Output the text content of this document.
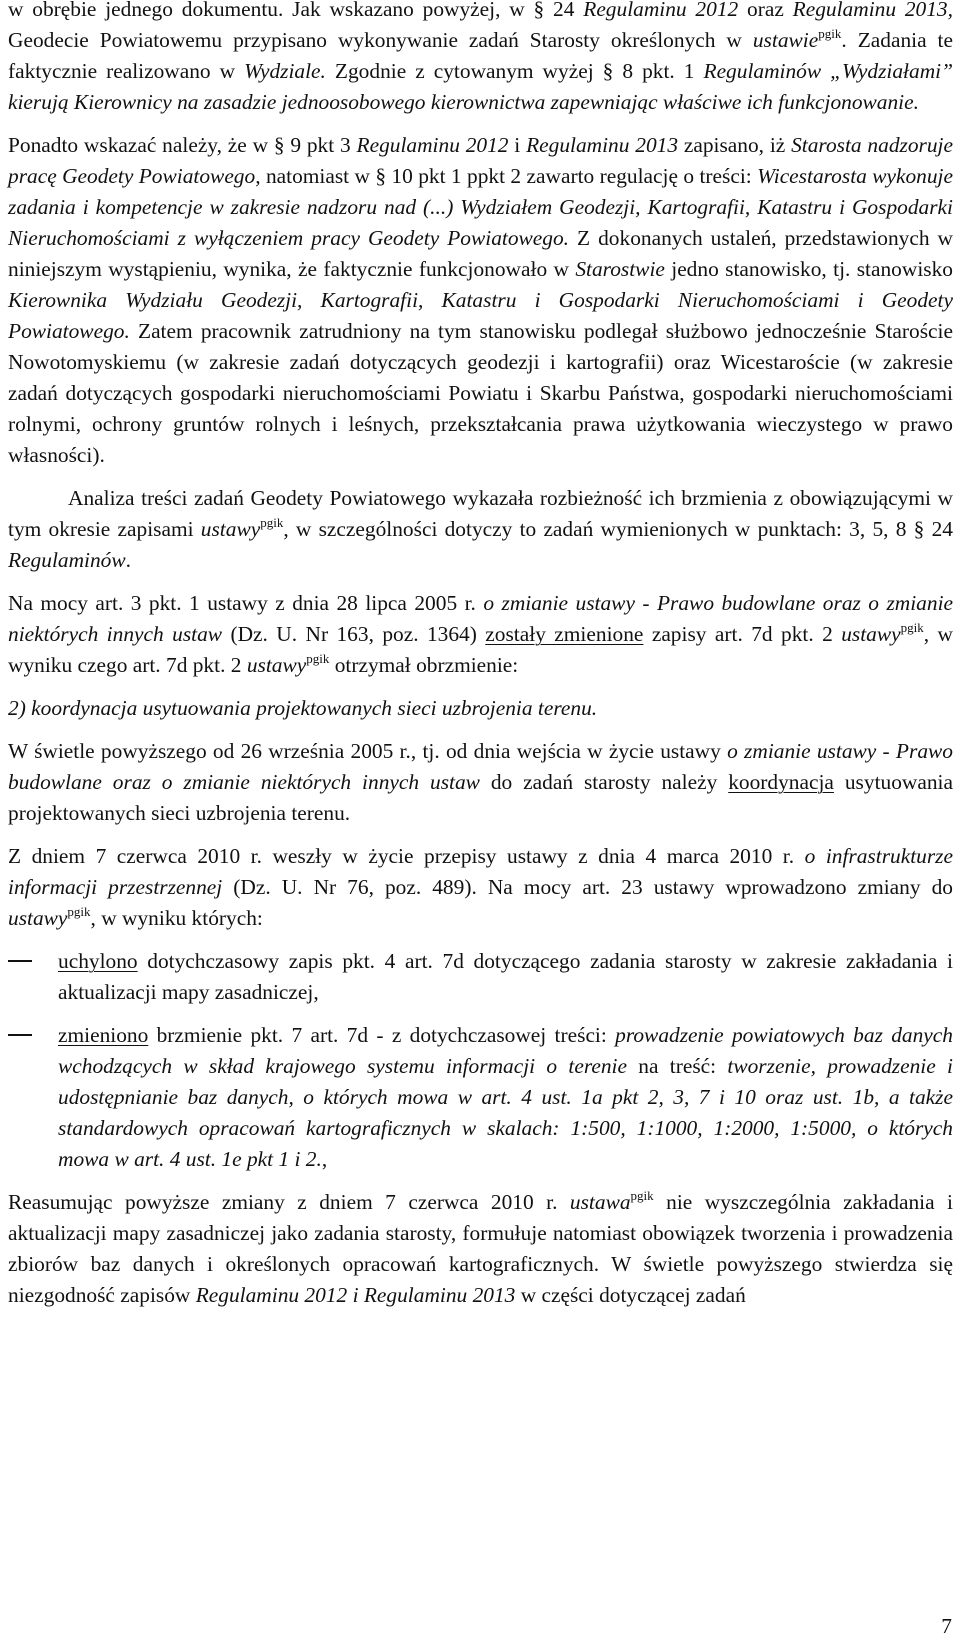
w obrębie jednego dokumentu. Jak wskazano powyżej, w § 24 Regulaminu 2012 oraz Regulaminu 2013, Geodecie Powiatowemu przypisano wykonywanie zadań Starosty określonych w ustawie$^{pgik}$. Zadania te faktycznie realizowano w Wydziale. Zgodnie z cytowanym wyżej § 8 pkt. 1 Regulaminów „Wydziałami” kierują Kierownicy na zasadzie jednoosobowego kierownictwa zapewniając właściwe ich funkcjonowanie.

Ponadto wskazać należy, że w § 9 pkt 3 Regulaminu 2012 i Regulaminu 2013 zapisano, iż Starosta nadzoruje pracę Geodety Powiatowego, natomiast w § 10 pkt 1 ppkt 2 zawarto regulację o treści: Wicestarosta wykonuje zadania i kompetencje w zakresie nadzoru nad (...) Wydziałem Geodezji, Kartografii, Katastru i Gospodarki Nieruchomościami z wyłączeniem pracy Geodety Powiatowego. Z dokonanych ustaleń, przedstawionych w niniejszym wystąpieniu, wynika, że faktycznie funkcjonowało w Starostwie jedno stanowisko, tj. stanowisko Kierownika Wydziału Geodezji, Kartografii, Katastru i Gospodarki Nieruchomościami i Geodety Powiatowego. Zatem pracownik zatrudniony na tym stanowisku podlegał służbowo jednocześnie Staroście Nowotomyskiemu (w zakresie zadań dotyczących geodezji i kartografii) oraz Wicestaroście (w zakresie zadań dotyczących gospodarki nieruchomościami Powiatu i Skarbu Państwa, gospodarki nieruchomościami rolnymi, ochrony gruntów rolnych i leśnych, przekształcania prawa użytkowania wieczystego w prawo własności).

Analiza treści zadań Geodety Powiatowego wykazała rozbieżność ich brzmienia z obowiązującymi w tym okresie zapisami ustawy$^{pgik}$, w szczególności dotyczy to zadań wymienionych w punktach: 3, 5, 8 § 24 Regulaminów.

Na mocy art. 3 pkt. 1 ustawy z dnia 28 lipca 2005 r. o zmianie ustawy - Prawo budowlane oraz o zmianie niektórych innych ustaw (Dz. U. Nr 163, poz. 1364) zostały zmienione zapisy art. 7d pkt. 2 ustawy$^{pgik}$, w wyniku czego art. 7d pkt. 2 ustawy$^{pgik}$ otrzymał obrzmienie:

2) koordynacja usytuowania projektowanych sieci uzbrojenia terenu.

W świetle powyższego od 26 września 2005 r., tj. od dnia wejścia w życie ustawy o zmianie ustawy - Prawo budowlane oraz o zmianie niektórych innych ustaw do zadań starosty należy koordynacja usytuowania projektowanych sieci uzbrojenia terenu.

Z dniem 7 czerwca 2010 r. weszły w życie przepisy ustawy z dnia 4 marca 2010 r. o infrastrukturze informacji przestrzennej (Dz. U. Nr 76, poz. 489). Na mocy art. 23 ustawy wprowadzono zmiany do ustawy$^{pgik}$, w wyniku których:

uchylono dotychczasowy zapis pkt. 4 art. 7d dotyczącego zadania starosty w zakresie zakładania i aktualizacji mapy zasadniczej,
zmieniono brzmienie pkt. 7 art. 7d - z dotychczasowej treści: prowadzenie powiatowych baz danych wchodzących w skład krajowego systemu informacji o terenie na treść: tworzenie, prowadzenie i udostępnianie baz danych, o których mowa w art. 4 ust. 1a pkt 2, 3, 7 i 10 oraz ust. 1b, a także standardowych opracowań kartograficznych w skalach: 1:500, 1:1000, 1:2000, 1:5000, o których mowa w art. 4 ust. 1e pkt 1 i 2.,

Reasumując powyższe zmiany z dniem 7 czerwca 2010 r. ustawa$^{pgik}$ nie wyszczególnia zakładania i aktualizacji mapy zasadniczej jako zadania starosty, formułuje natomiast obowiązek tworzenia i prowadzenia zbiorów baz danych i określonych opracowań kartograficznych. W świetle powyższego stwierdza się niezgodność zapisów Regulaminu 2012 i Regulaminu 2013 w części dotyczącej zadań

7
